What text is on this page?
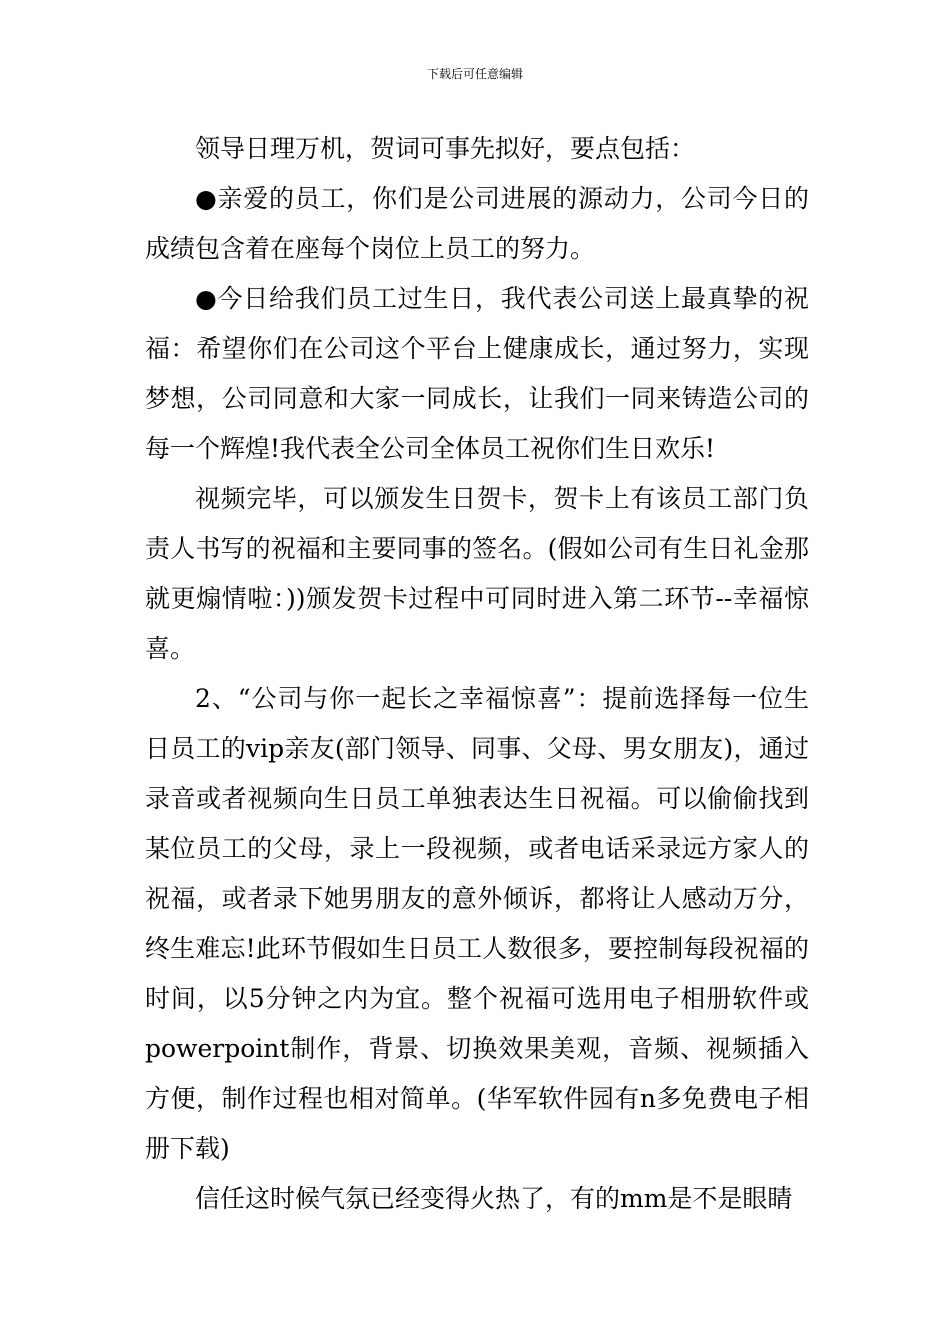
下载后可任意编辑

领导日理万机，贺词可事先拟好，要点包括：

●亲爱的员工，你们是公司进展的源动力，公司今日的成绩包含着在座每个岗位上员工的努力。

●今日给我们员工过生日，我代表公司送上最真挚的祝福：希望你们在公司这个平台上健康成长，通过努力，实现梦想，公司同意和大家一同成长，让我们一同来铸造公司的每一个辉煌!我代表全公司全体员工祝你们生日欢乐!

视频完毕，可以颁发生日贺卡，贺卡上有该员工部门负责人书写的祝福和主要同事的签名。(假如公司有生日礼金那就更煽情啦：))颁发贺卡过程中可同时进入第二环节--幸福惊喜。

2、“公司与你一起长之幸福惊喜”：提前选择每一位生日员工的vip亲友(部门领导、同事、父母、男女朋友)，通过录音或者视频向生日员工单独表达生日祝福。可以偷偷找到某位员工的父母，录上一段视频，或者电话采录远方家人的祝福，或者录下她男朋友的意外倾诉，都将让人感动万分，终生难忘!此环节假如生日员工人数很多，要控制每段祝福的时间，以5分钟之内为宜。整个祝福可选用电子相册软件或powerpoint制作，背景、切换效果美观，音频、视频插入方便，制作过程也相对简单。(华军软件园有n多免费电子相册下载)

信任这时候气氛已经变得火热了，有的mm是不是眼睛
